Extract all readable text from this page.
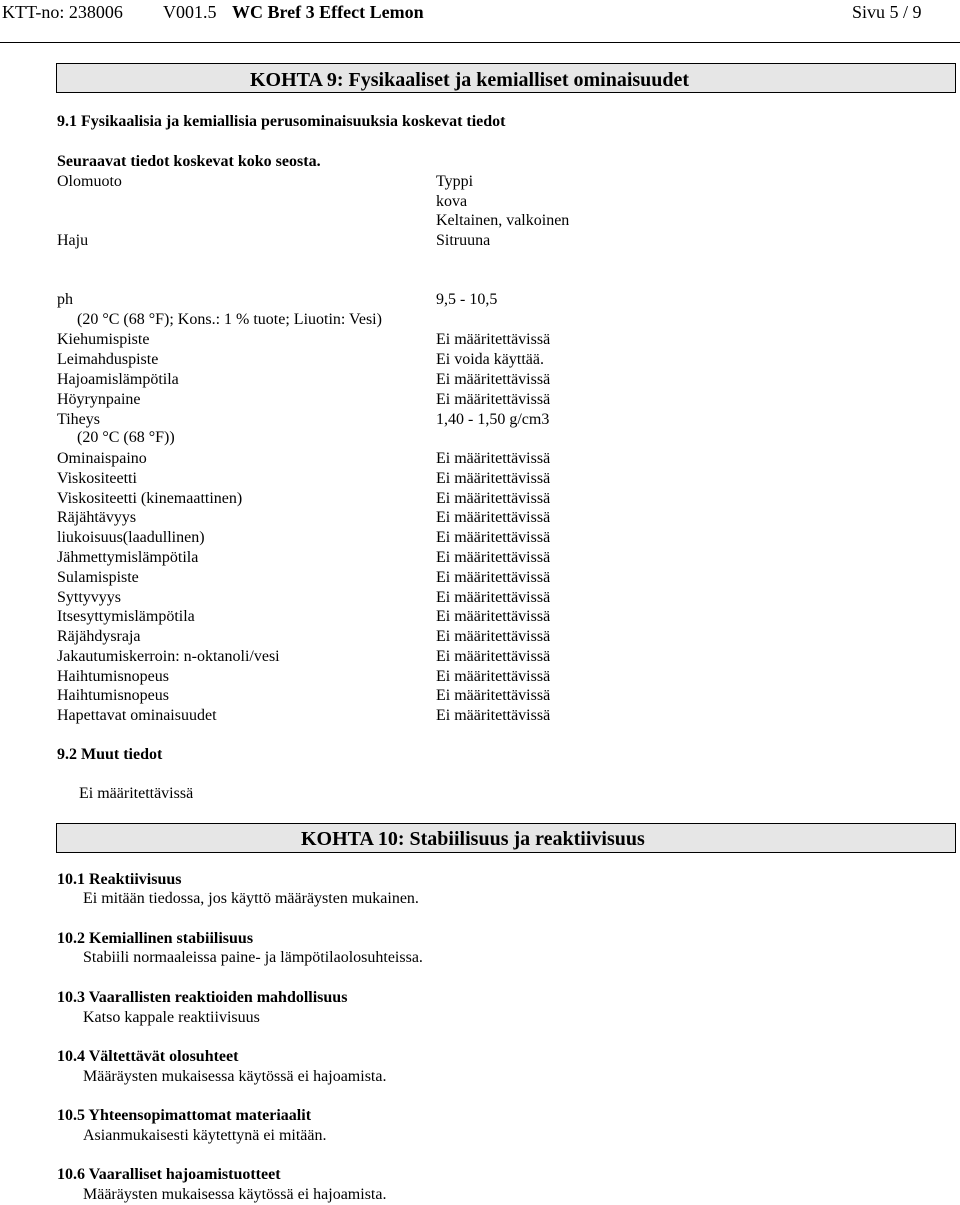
KTT-no: 238006 V001.5 WC Bref 3 Effect Lemon	Sivu 5 / 9
KOHTA 9: Fysikaaliset ja kemialliset ominaisuudet
9.1 Fysikaalisia ja kemiallisia perusominaisuuksia koskevat tiedot
Seuraavat tiedot koskevat koko seosta.
Olomuoto	Typpi
kova
Keltainen, valkoinen
Haju	Sitruuna
ph	9,5 - 10,5
(20 °C (68 °F); Kons.: 1 % tuote; Liuotin: Vesi)
Kiehumispiste	Ei määritettävissä
Leimahduspiste	Ei voida käyttää.
Hajoamislämpötila	Ei määritettävissä
Höyrynpaine	Ei määritettävissä
Tiheys	1,40 - 1,50 g/cm3
(20 °C (68 °F))
Ominaispaino	Ei määritettävissä
Viskositeetti	Ei määritettävissä
Viskositeetti (kinemaattinen)	Ei määritettävissä
Räjähtävyys	Ei määritettävissä
liukoisuus(laadullinen)	Ei määritettävissä
Jähmettymislämpötila	Ei määritettävissä
Sulamispiste	Ei määritettävissä
Syttyvyys	Ei määritettävissä
Itsesyttymislämpötila	Ei määritettävissä
Räjähdysraja	Ei määritettävissä
Jakautumiskerroin: n-oktanoli/vesi	Ei määritettävissä
Haihtumisnopeus	Ei määritettävissä
Haihtumisnopeus	Ei määritettävissä
Hapettavat ominaisuudet	Ei määritettävissä
9.2 Muut tiedot
Ei määritettävissä
KOHTA 10: Stabiilisuus ja reaktiivisuus
10.1 Reaktiivisuus
Ei mitään tiedossa, jos käyttö määräysten mukainen.
10.2 Kemiallinen stabiilisuus
Stabiili normaaleissa paine- ja lämpötilaolosuhteissa.
10.3 Vaarallisten reaktioiden mahdollisuus
Katso kappale reaktiivisuus
10.4 Vältettävät olosuhteet
Määräysten mukaisessa käytössä ei hajoamista.
10.5 Yhteensopimattomat materiaalit
Asianmukaisesti käytettynä ei mitään.
10.6 Vaaralliset hajoamistuotteet
Määräysten mukaisessa käytössä ei hajoamista.
